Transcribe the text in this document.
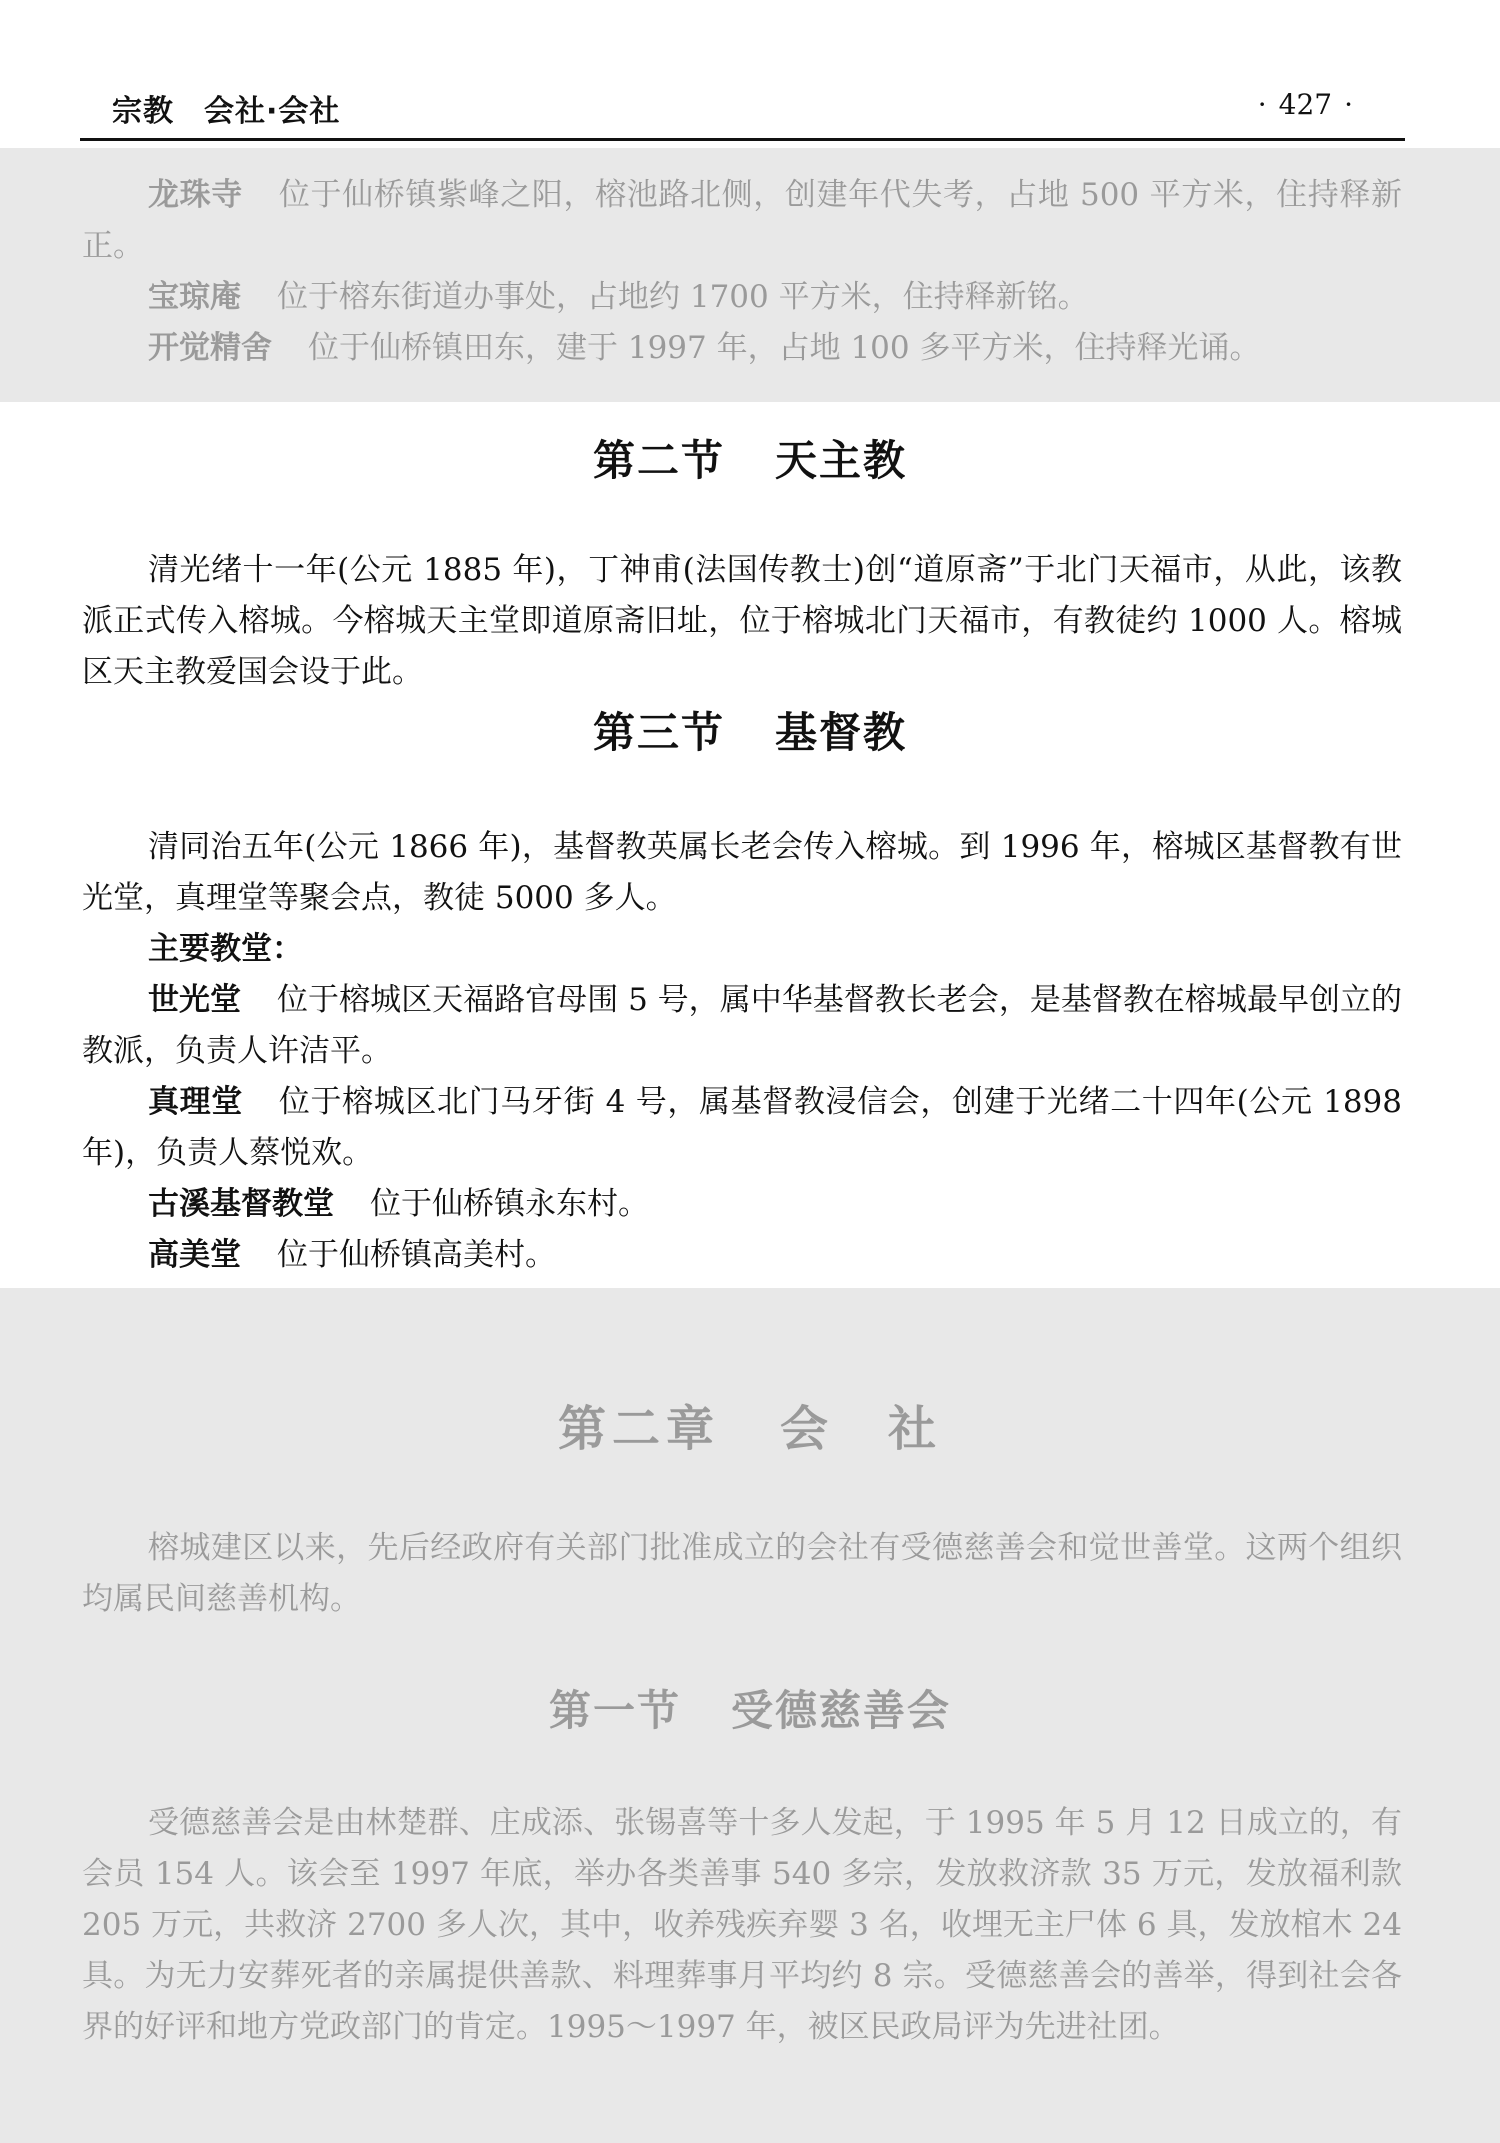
宗教 会社·会社	· 427 ·

龙珠寺 位于仙桥镇紫峰之阳，榕池路北侧，创建年代失考，占地 500 平方米，住持释新正。

宝琼庵 位于榕东街道办事处，占地约 1700 平方米，住持释新铭。

开觉精舍 位于仙桥镇田东，建于 1997 年，占地 100 多平方米，住持释光诵。

第二节 天主教

清光绪十一年(公元 1885 年)，丁神甫(法国传教士)创“道原斋”于北门天福市，从此，该教派正式传入榕城。今榕城天主堂即道原斋旧址，位于榕城北门天福市，有教徒约 1000 人。榕城区天主教爱国会设于此。

第三节 基督教

清同治五年(公元 1866 年)，基督教英属长老会传入榕城。到 1996 年，榕城区基督教有世光堂，真理堂等聚会点，教徒 5000 多人。

主要教堂：

世光堂 位于榕城区天福路官母围 5 号，属中华基督教长老会，是基督教在榕城最早创立的教派，负责人许洁平。

真理堂 位于榕城区北门马牙街 4 号，属基督教浸信会，创建于光绪二十四年(公元 1898 年)，负责人蔡悦欢。

古溪基督教堂 位于仙桥镇永东村。

高美堂 位于仙桥镇高美村。

第二章 会 社

榕城建区以来，先后经政府有关部门批准成立的会社有受德慈善会和觉世善堂。这两个组织均属民间慈善机构。

第一节 受德慈善会

受德慈善会是由林楚群、庄成添、张锡喜等十多人发起，于 1995 年 5 月 12 日成立的，有会员 154 人。该会至 1997 年底，举办各类善事 540 多宗，发放救济款 35 万元，发放福利款 205 万元，共救济 2700 多人次，其中，收养残疾弃婴 3 名，收埋无主尸体 6 具，发放棺木 24 具。为无力安葬死者的亲属提供善款、料理葬事月平均约 8 宗。受德慈善会的善举，得到社会各界的好评和地方党政部门的肯定。1995～1997 年，被区民政局评为先进社团。
